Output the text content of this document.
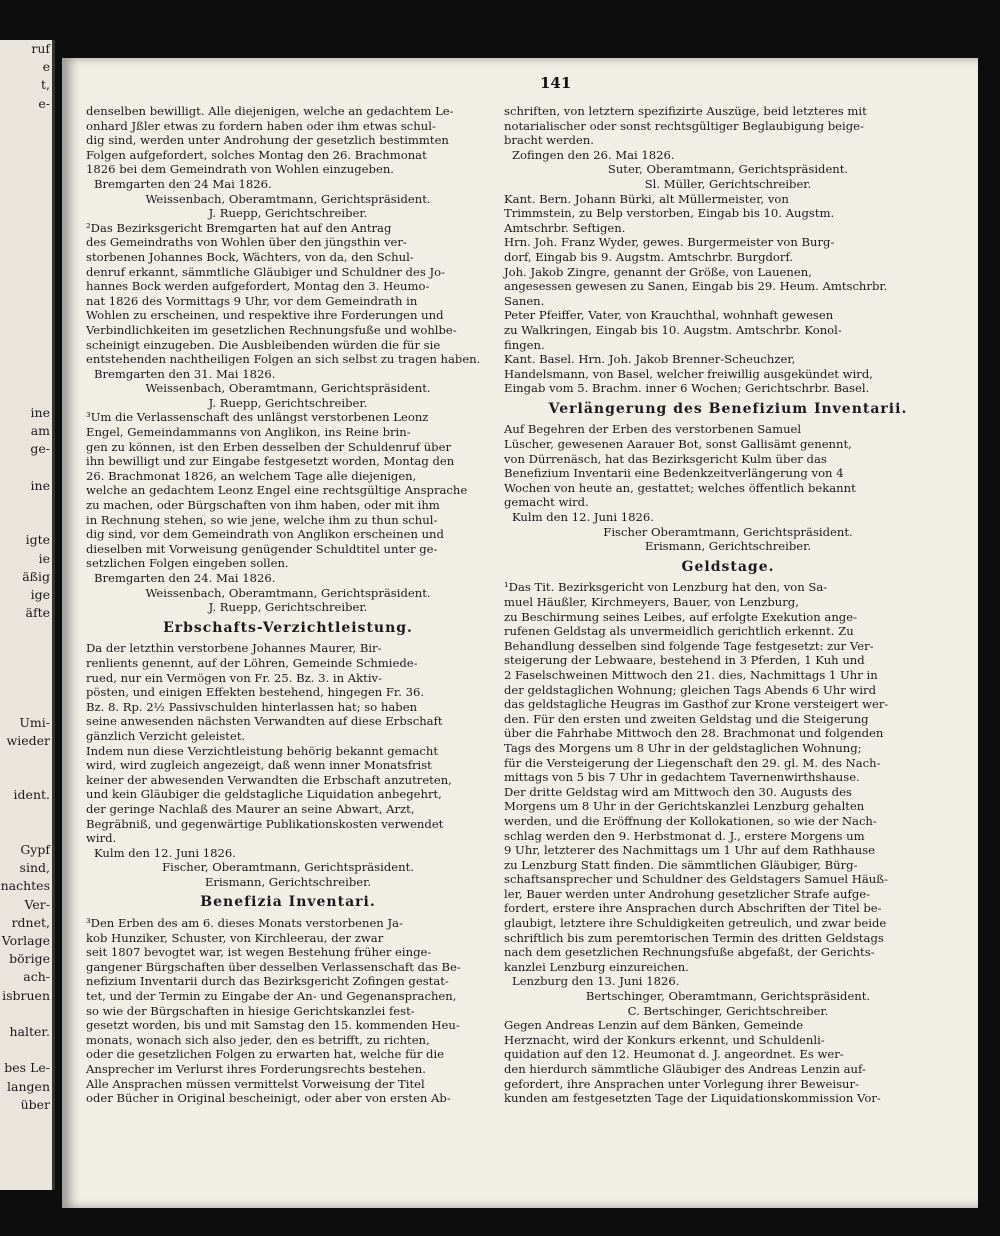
ruf
e
t,
e-

ine
am
ge-

ine

igte
ie
äßig
ige
äfte

Umi-
wieder

ident.

Gypf
sind,
nachtes
Ver-
rdnet,
Vorlage
börige
ach-
isbruen

halter.

bes Le-
langen
über
141
denselben bewilligt. Alle diejenigen, welche an gedachtem Le-
onhard Jßler etwas zu fordern haben oder ihm etwas schul-
dig sind, werden unter Androhung der gesetzlich bestimmten
Folgen aufgefordert, solches Montag den 26. Brachmonat
1826 bei dem Gemeindrath von Wohlen einzugeben.
Bremgarten den 24 Mai 1826.
Weissenbach, Oberamtmann, Gerichtspräsident.
J. Ruepp, Gerichtschreiber.
²Das Bezirksgericht Bremgarten hat auf den Antrag
des Gemeindraths von Wohlen über den jüngsthin ver-
storbenen Johannes Bock, Wächters, von da, den Schul-
denruf erkannt, sämmtliche Gläubiger und Schuldner des Jo-
hannes Bock werden aufgefordert, Montag den 3. Heumo-
nat 1826 des Vormittags 9 Uhr, vor dem Gemeindrath in
Wohlen zu erscheinen, und respektive ihre Forderungen und
Verbindlichkeiten im gesetzlichen Rechnungsfuße und wohlbe-
scheinigt einzugeben. Die Ausbleibenden würden die für sie
entstehenden nachtheiligen Folgen an sich selbst zu tragen haben.
Bremgarten den 31. Mai 1826.
Weissenbach, Oberamtmann, Gerichtspräsident.
J. Ruepp, Gerichtschreiber.
³Um die Verlassenschaft des unlängst verstorbenen Leonz
Engel, Gemeindammanns von Anglikon, ins Reine brin-
gen zu können, ist den Erben desselben der Schuldenruf über
ihn bewilligt und zur Eingabe festgesetzt worden, Montag den
26. Brachmonat 1826, an welchem Tage alle diejenigen,
welche an gedachtem Leonz Engel eine rechtsgültige Ansprache
zu machen, oder Bürgschaften von ihm haben, oder mit ihm
in Rechnung stehen, so wie jene, welche ihm zu thun schul-
dig sind, vor dem Gemeindrath von Anglikon erscheinen und
dieselben mit Vorweisung genügender Schuldtitel unter ge-
setzlichen Folgen eingeben sollen.
Bremgarten den 24. Mai 1826.
Weissenbach, Oberamtmann, Gerichtspräsident.
J. Ruepp, Gerichtschreiber.
Erbschafts-Verzichtleistung.
Da der letzthin verstorbene Johannes Maurer, Bir-
renlients genennt, auf der Löhren, Gemeinde Schmiede-
rued, nur ein Vermögen von Fr. 25. Bz. 3. in Aktiv-
pösten, und einigen Effekten bestehend, hingegen Fr. 36.
Bz. 8. Rp. 2½ Passivschulden hinterlassen hat; so haben
seine anwesenden nächsten Verwandten auf diese Erbschaft
gänzlich Verzicht geleistet.
Indem nun diese Verzichtleistung behörig bekannt gemacht
wird, wird zugleich angezeigt, daß wenn inner Monatsfrist
keiner der abwesenden Verwandten die Erbschaft anzutreten,
und kein Gläubiger die geldstagliche Liquidation anbegehrt,
der geringe Nachlaß des Maurer an seine Abwart, Arzt,
Begräbniß, und gegenwärtige Publikationskosten verwendet
wird.
Kulm den 12. Juni 1826.
Fischer, Oberamtmann, Gerichtspräsident.
Erismann, Gerichtschreiber.
Benefizia Inventari.
³Den Erben des am 6. dieses Monats verstorbenen Ja-
kob Hunziker, Schuster, von Kirchleerau, der zwar
seit 1807 bevogtet war, ist wegen Bestehung früher einge-
gangener Bürgschaften über desselben Verlassenschaft das Be-
nefizium Inventarii durch das Bezirksgericht Zofingen gestat-
tet, und der Termin zu Eingabe der An- und Gegenansprachen,
so wie der Bürgschaften in hiesige Gerichtskanzlei fest-
gesetzt worden, bis und mit Samstag den 15. kommenden Heu-
monats, wonach sich also jeder, den es betrifft, zu richten,
oder die gesetzlichen Folgen zu erwarten hat, welche für die
Ansprecher im Verlurst ihres Forderungsrechts bestehen.
Alle Ansprachen müssen vermittelst Vorweisung der Titel
oder Bücher in Original bescheinigt, oder aber von ersten Ab-
schriften, von letztern spezifizirte Auszüge, beid letzteres mit
notarialischer oder sonst rechtsgültiger Beglaubigung beige-
bracht werden.
Zofingen den 26. Mai 1826.
Suter, Oberamtmann, Gerichtspräsident.
Sl. Müller, Gerichtschreiber.
Kant. Bern. Johann Bürki, alt Müllermeister, von
Trimmstein, zu Belp verstorben, Eingab bis 10. Augstm.
Amtschrbr. Seftigen.
Hrn. Joh. Franz Wyder, gewes. Burgermeister von Burg-
dorf, Eingab bis 9. Augstm. Amtschrbr. Burgdorf.
Joh. Jakob Zingre, genannt der Größe, von Lauenen,
angesessen gewesen zu Sanen, Eingab bis 29. Heum. Amtschrbr.
Sanen.
Peter Pfeiffer, Vater, von Krauchthal, wohnhaft gewesen
zu Walkringen, Eingab bis 10. Augstm. Amtschrbr. Konol-
fingen.
Kant. Basel. Hrn. Joh. Jakob Brenner-Scheuchzer,
Handelsmann, von Basel, welcher freiwillig ausgekündet wird,
Eingab vom 5. Brachm. inner 6 Wochen; Gerichtschrbr. Basel.
Verlängerung des Benefizium Inventarii.
Auf Begehren der Erben des verstorbenen Samuel
Lüscher, gewesenen Aarauer Bot, sonst Gallisämt genennt,
von Dürrenäsch, hat das Bezirksgericht Kulm über das
Benefizium Inventarii eine Bedenkzeitverlängerung von 4
Wochen von heute an, gestattet; welches öffentlich bekannt
gemacht wird.
Kulm den 12. Juni 1826.
Fischer Oberamtmann, Gerichtspräsident.
Erismann, Gerichtschreiber.
Geldstage.
¹Das Tit. Bezirksgericht von Lenzburg hat den, von Sa-
muel Häußler, Kirchmeyers, Bauer, von Lenzburg,
zu Beschirmung seines Leibes, auf erfolgte Exekution ange-
rufenen Geldstag als unvermeidlich gerichtlich erkennt. Zu
Behandlung desselben sind folgende Tage festgesetzt: zur Ver-
steigerung der Lebwaare, bestehend in 3 Pferden, 1 Kuh und
2 Faselschweinen Mittwoch den 21. dies, Nachmittags 1 Uhr in
der geldstaglichen Wohnung; gleichen Tags Abends 6 Uhr wird
das geldstagliche Heugras im Gasthof zur Krone versteigert wer-
den. Für den ersten und zweiten Geldstag und die Steigerung
über die Fahrhabe Mittwoch den 28. Brachmonat und folgenden
Tags des Morgens um 8 Uhr in der geldstaglichen Wohnung;
für die Versteigerung der Liegenschaft den 29. gl. M. des Nach-
mittags von 5 bis 7 Uhr in gedachtem Tavernenwirthshause.
Der dritte Geldstag wird am Mittwoch den 30. Augusts des
Morgens um 8 Uhr in der Gerichtskanzlei Lenzburg gehalten
werden, und die Eröffnung der Kollokationen, so wie der Nach-
schlag werden den 9. Herbstmonat d. J., erstere Morgens um
9 Uhr, letzterer des Nachmittags um 1 Uhr auf dem Rathhause
zu Lenzburg Statt finden. Die sämmtlichen Gläubiger, Bürg-
schaftsansprecher und Schuldner des Geldstagers Samuel Häuß-
ler, Bauer werden unter Androhung gesetzlicher Strafe aufge-
fordert, erstere ihre Ansprachen durch Abschriften der Titel be-
glaubigt, letztere ihre Schuldigkeiten getreulich, und zwar beide
schriftlich bis zum peremtorischen Termin des dritten Geldstags
nach dem gesetzlichen Rechnungsfuße abgefaßt, der Gerichts-
kanzlei Lenzburg einzureichen.
Lenzburg den 13. Juni 1826.
Bertschinger, Oberamtmann, Gerichtspräsident.
C. Bertschinger, Gerichtschreiber.
Gegen Andreas Lenzin auf dem Bänken, Gemeinde
Herznacht, wird der Konkurs erkennt, und Schuldenli-
quidation auf den 12. Heumonat d. J. angeordnet. Es wer-
den hierdurch sämmtliche Gläubiger des Andreas Lenzin auf-
gefordert, ihre Ansprachen unter Vorlegung ihrer Beweisur-
kunden am festgesetzten Tage der Liquidationskommission Vor-
